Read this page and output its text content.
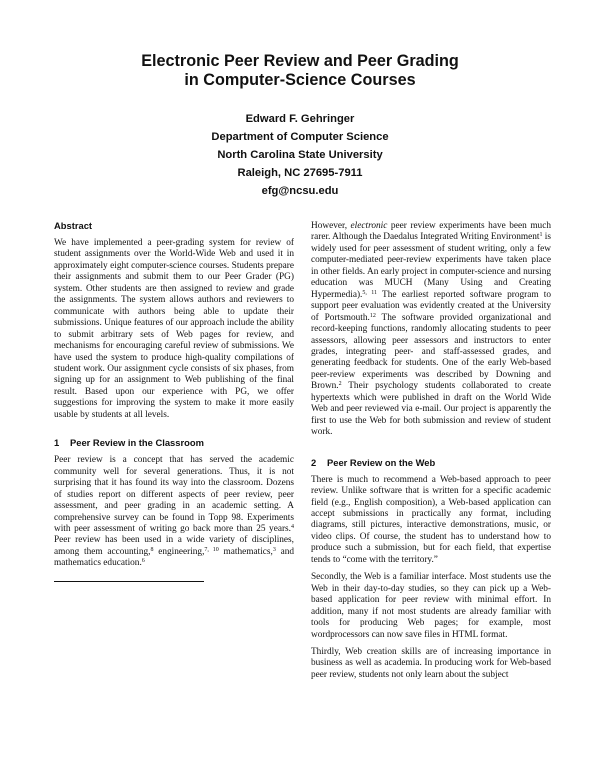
Electronic Peer Review and Peer Grading
in Computer-Science Courses
Edward F. Gehringer
Department of Computer Science
North Carolina State University
Raleigh, NC 27695-7911
efg@ncsu.edu
Abstract

We have implemented a peer-grading system for review of student assignments over the World-Wide Web and used it in approximately eight computer-science courses. Students prepare their assignments and submit them to our Peer Grader (PG) system. Other students are then assigned to review and grade the assignments. The system allows authors and reviewers to communicate with authors being able to update their submissions. Unique features of our approach include the ability to submit arbitrary sets of Web pages for review, and mechanisms for encouraging careful review of submissions. We have used the system to produce high-quality compilations of student work. Our assignment cycle consists of six phases, from signing up for an assignment to Web publishing of the final result. Based upon our experience with PG, we offer suggestions for improving the system to make it more easily usable by students at all levels.

1 Peer Review in the Classroom

Peer review is a concept that has served the academic community well for several generations. Thus, it is not surprising that it has found its way into the classroom. Dozens of studies report on different aspects of peer review, peer assessment, and peer grading in an academic setting. A comprehensive survey can be found in Topp 98. Experiments with peer assessment of writing go back more than 25 years.$^4$ Peer review has been used in a wide variety of disciplines, among them accounting,$^8$ engineering,$^{7, 10}$ mathematics,$^3$ and mathematics education.$^6$

However, electronic peer review experiments have been much rarer. Although the Daedalus Integrated Writing Environment$^1$ is widely used for peer assessment of student writing, only a few computer-mediated peer-review experiments have taken place in other fields. An early project in computer-science and nursing education was MUCH (Many Using and Creating Hypermedia).$^{5, 11}$ The earliest reported software program to support peer evaluation was evidently created at the University of Portsmouth.$^{12}$ The software provided organizational and record-keeping functions, randomly allocating students to peer assessors, allowing peer assessors and instructors to enter grades, integrating peer- and staff-assessed grades, and generating feedback for students. One of the early Web-based peer-review experiments was described by Downing and Brown.$^2$ Their psychology students collaborated to create hypertexts which were published in draft on the World Wide Web and peer reviewed via e-mail. Our project is apparently the first to use the Web for both submission and review of student work.

2 Peer Review on the Web

There is much to recommend a Web-based approach to peer review. Unlike software that is written for a specific academic field (e.g., English composition), a Web-based application can accept submissions in practically any format, including diagrams, still pictures, interactive demonstrations, music, or video clips. Of course, the student has to understand how to produce such a submission, but for each field, that expertise tends to “come with the territory.”

Secondly, the Web is a familiar interface. Most students use the Web in their day-to-day studies, so they can pick up a Web-based application for peer review with minimal effort. In addition, many if not most students are already familiar with tools for producing Web pages; for example, most wordprocessors can now save files in HTML format.

Thirdly, Web creation skills are of increasing importance in business as well as academia. In producing work for Web-based peer review, students not only learn about the subject
